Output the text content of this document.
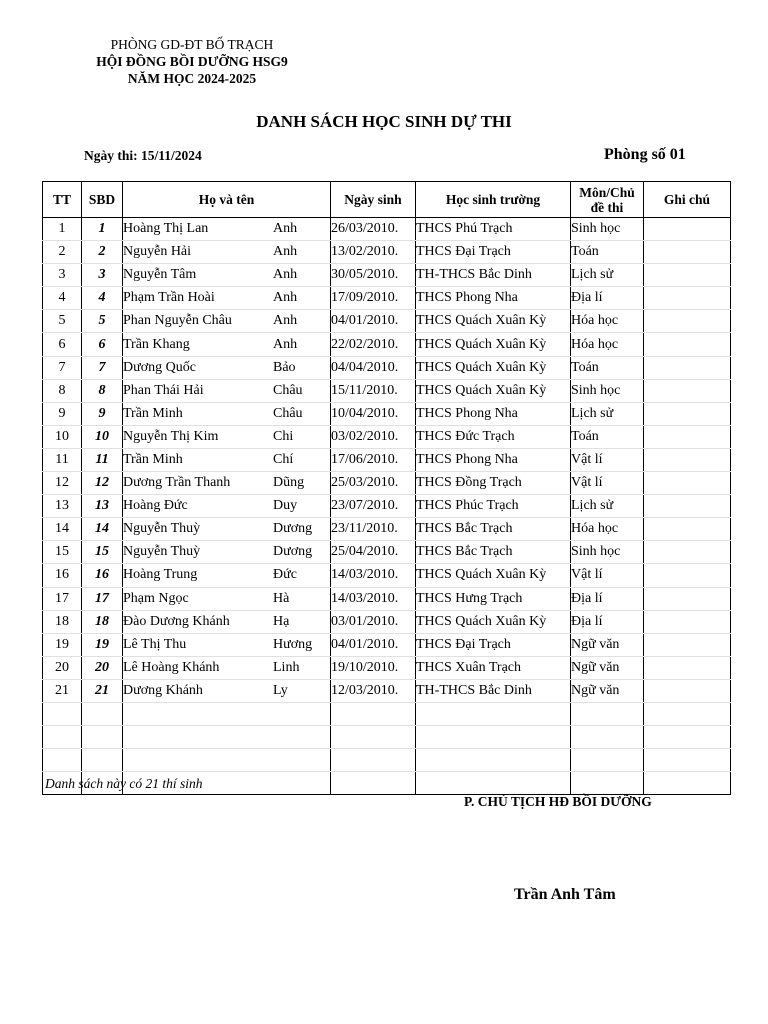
PHÒNG GD-ĐT BỐ TRẠCH
HỘI ĐỒNG BỒI DƯỠNG HSG9
NĂM HỌC 2024-2025
DANH SÁCH HỌC SINH DỰ THI
Ngày thi: 15/11/2024	Phòng số 01
TT	SBD	Họ và tên	Ngày sinh	Học sinh trường	Môn/Chủ đề thi	Ghi chú
1	1	Hoàng Thị Lan Anh	26/03/2010.	THCS Phú Trạch	Sinh học	
2	2	Nguyễn Hải Anh	13/02/2010.	THCS Đại Trạch	Toán	
3	3	Nguyễn Tâm Anh	30/05/2010.	TH-THCS Bắc Dinh	Lịch sử	
4	4	Phạm Trần Hoài Anh	17/09/2010.	THCS Phong Nha	Địa lí	
5	5	Phan Nguyễn Châu Anh	04/01/2010.	THCS Quách Xuân Kỳ	Hóa học	
6	6	Trần Khang Anh	22/02/2010.	THCS Quách Xuân Kỳ	Hóa học	
7	7	Dương Quốc Bảo	04/04/2010.	THCS Quách Xuân Kỳ	Toán	
8	8	Phan Thái Hải Châu	15/11/2010.	THCS Quách Xuân Kỳ	Sinh học	
9	9	Trần Minh Châu	10/04/2010.	THCS Phong Nha	Lịch sử	
10	10	Nguyễn Thị Kim Chi	03/02/2010.	THCS Đức Trạch	Toán	
11	11	Trần Minh Chí	17/06/2010.	THCS Phong Nha	Vật lí	
12	12	Dương Trần Thanh Dũng	25/03/2010.	THCS Đồng Trạch	Vật lí	
13	13	Hoàng Đức Duy	23/07/2010.	THCS Phúc Trạch	Lịch sử	
14	14	Nguyễn Thuỳ Dương	23/11/2010.	THCS Bắc Trạch	Hóa học	
15	15	Nguyễn Thuỳ Dương	25/04/2010.	THCS Bắc Trạch	Sinh học	
16	16	Hoàng Trung Đức	14/03/2010.	THCS Quách Xuân Kỳ	Vật lí	
17	17	Phạm Ngọc Hà	14/03/2010.	THCS Hưng Trạch	Địa lí	
18	18	Đào Dương Khánh Hạ	03/01/2010.	THCS Quách Xuân Kỳ	Địa lí	
19	19	Lê Thị Thu Hương	04/01/2010.	THCS Đại Trạch	Ngữ văn	
20	20	Lê Hoàng Khánh Linh	19/10/2010.	THCS Xuân Trạch	Ngữ văn	
21	21	Dương Khánh Ly	12/03/2010.	TH-THCS Bắc Dinh	Ngữ văn	

Danh sách này có 21 thí sinh
P. CHỦ TỊCH HĐ BỒI DƯỠNG
Trần Anh Tâm
